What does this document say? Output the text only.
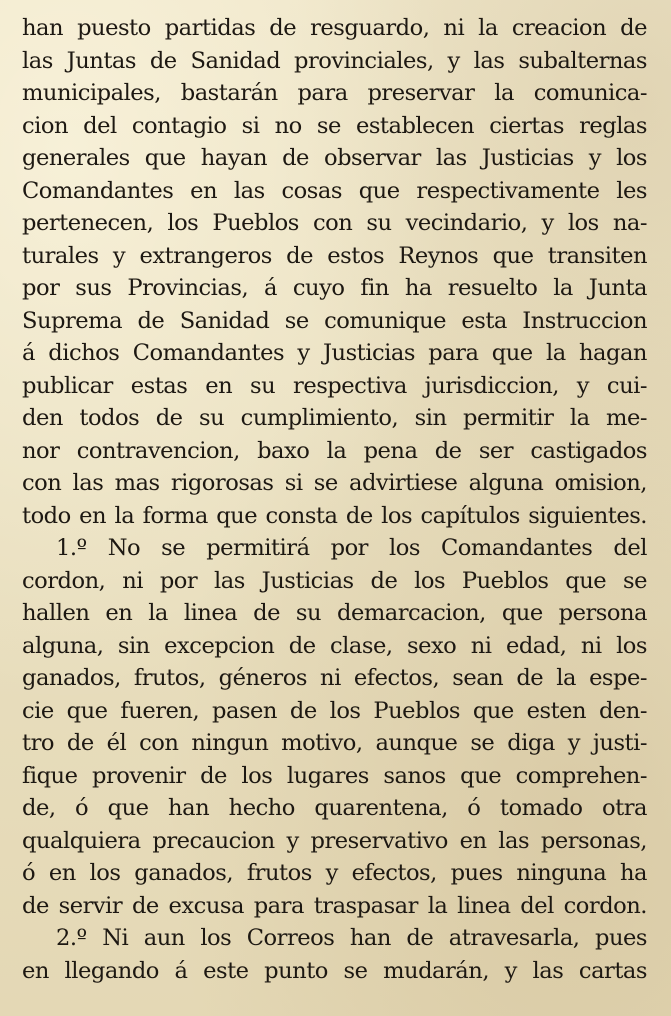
han puesto partidas de resguardo, ni la creacion de
las Juntas de Sanidad provinciales, y las subalternas
municipales, bastarán para preservar la comunica-
cion del contagio si no se establecen ciertas reglas
generales que hayan de observar las Justicias y los
Comandantes en las cosas que respectivamente les
pertenecen, los Pueblos con su vecindario, y los na-
turales y extrangeros de estos Reynos que transiten
por sus Provincias, á cuyo fin ha resuelto la Junta
Suprema de Sanidad se comunique esta Instruccion
á dichos Comandantes y Justicias para que la hagan
publicar estas en su respectiva jurisdiccion, y cui-
den todos de su cumplimiento, sin permitir la me-
nor contravencion, baxo la pena de ser castigados
con las mas rigorosas si se advirtiese alguna omision,
todo en la forma que consta de los capítulos siguientes.
1.º No se permitirá por los Comandantes del
cordon, ni por las Justicias de los Pueblos que se
hallen en la linea de su demarcacion, que persona
alguna, sin excepcion de clase, sexo ni edad, ni los
ganados, frutos, géneros ni efectos, sean de la espe-
cie que fueren, pasen de los Pueblos que esten den-
tro de él con ningun motivo, aunque se diga y justi-
fique provenir de los lugares sanos que comprehen-
de, ó que han hecho quarentena, ó tomado otra
qualquiera precaucion y preservativo en las personas,
ó en los ganados, frutos y efectos, pues ninguna ha
de servir de excusa para traspasar la linea del cordon.
2.º Ni aun los Correos han de atravesarla, pues
en llegando á este punto se mudarán, y las cartas
